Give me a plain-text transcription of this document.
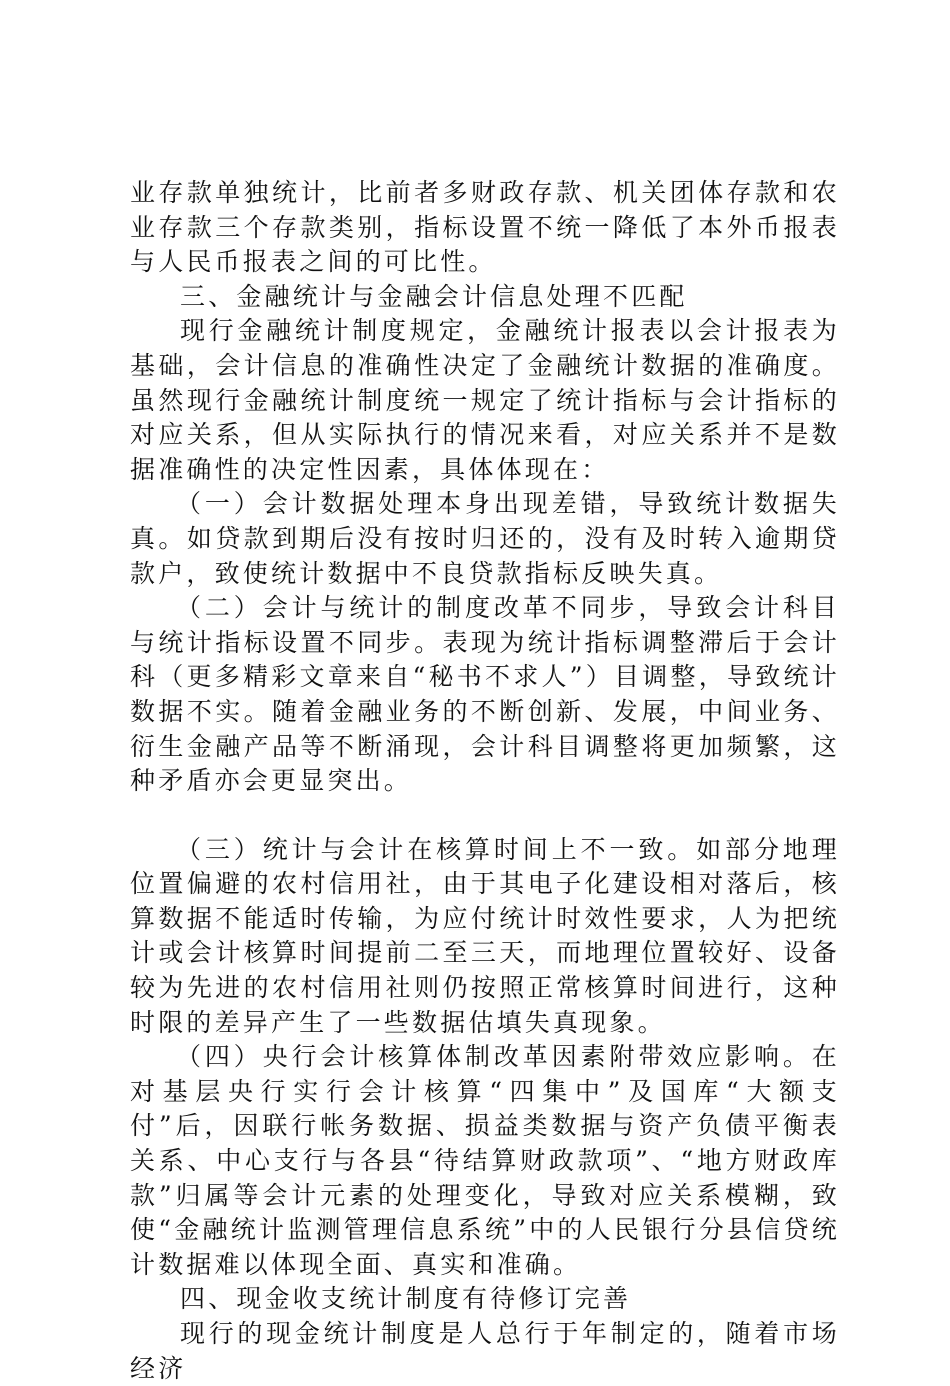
业存款单独统计，比前者多财政存款、机关团体存款和农业存款三个存款类别，指标设置不统一降低了本外币报表与人民币报表之间的可比性。

三、金融统计与金融会计信息处理不匹配

现行金融统计制度规定，金融统计报表以会计报表为基础，会计信息的准确性决定了金融统计数据的准确度。虽然现行金融统计制度统一规定了统计指标与会计指标的对应关系，但从实际执行的情况来看，对应关系并不是数据准确性的决定性因素，具体体现在：

（一）会计数据处理本身出现差错，导致统计数据失真。如贷款到期后没有按时归还的，没有及时转入逾期贷款户，致使统计数据中不良贷款指标反映失真。

（二）会计与统计的制度改革不同步，导致会计科目与统计指标设置不同步。表现为统计指标调整滞后于会计科（更多精彩文章来自“秘书不求人”）目调整，导致统计数据不实。随着金融业务的不断创新、发展，中间业务、衍生金融产品等不断涌现，会计科目调整将更加频繁，这种矛盾亦会更显突出。

（三）统计与会计在核算时间上不一致。如部分地理位置偏避的农村信用社，由于其电子化建设相对落后，核算数据不能适时传输，为应付统计时效性要求，人为把统计或会计核算时间提前二至三天，而地理位置较好、设备较为先进的农村信用社则仍按照正常核算时间进行，这种时限的差异产生了一些数据估填失真现象。

（四）央行会计核算体制改革因素附带效应影响。在对基层央行实行会计核算“四集中”及国库“大额支付”后，因联行帐务数据、损益类数据与资产负债平衡表关系、中心支行与各县“待结算财政款项”、“地方财政库款”归属等会计元素的处理变化，导致对应关系模糊，致使“金融统计监测管理信息系统”中的人民银行分县信贷统计数据难以体现全面、真实和准确。

四、现金收支统计制度有待修订完善

现行的现金统计制度是人总行于年制定的，随着市场经济
